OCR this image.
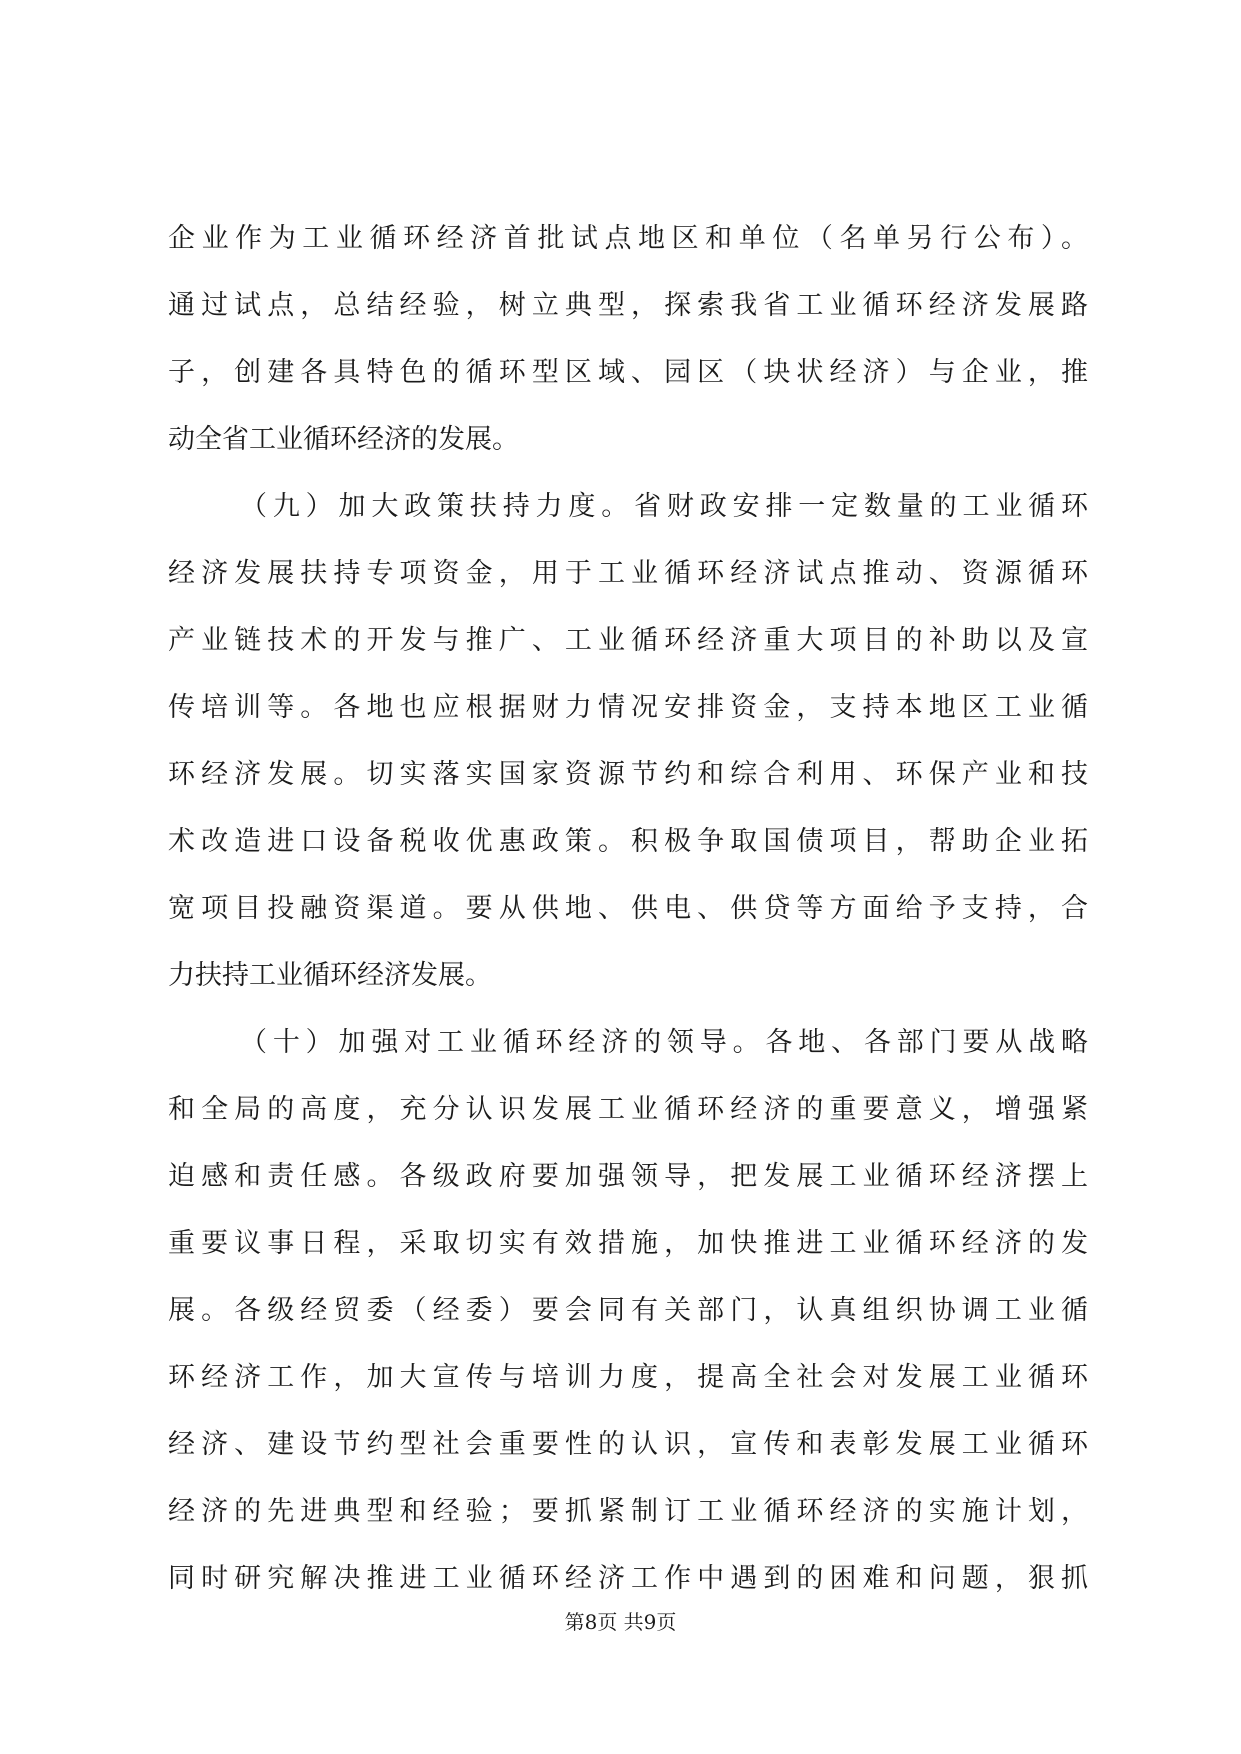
企业作为工业循环经济首批试点地区和单位（名单另行公布）。
通过试点，总结经验，树立典型，探索我省工业循环经济发展路
子，创建各具特色的循环型区域、园区（块状经济）与企业，推
动全省工业循环经济的发展。
（九）加大政策扶持力度。省财政安排一定数量的工业循环
经济发展扶持专项资金，用于工业循环经济试点推动、资源循环
产业链技术的开发与推广、工业循环经济重大项目的补助以及宣
传培训等。各地也应根据财力情况安排资金，支持本地区工业循
环经济发展。切实落实国家资源节约和综合利用、环保产业和技
术改造进口设备税收优惠政策。积极争取国债项目，帮助企业拓
宽项目投融资渠道。要从供地、供电、供贷等方面给予支持，合
力扶持工业循环经济发展。
（十）加强对工业循环经济的领导。各地、各部门要从战略
和全局的高度，充分认识发展工业循环经济的重要意义，增强紧
迫感和责任感。各级政府要加强领导，把发展工业循环经济摆上
重要议事日程，采取切实有效措施，加快推进工业循环经济的发
展。各级经贸委（经委）要会同有关部门，认真组织协调工业循
环经济工作，加大宣传与培训力度，提高全社会对发展工业循环
经济、建设节约型社会重要性的认识，宣传和表彰发展工业循环
经济的先进典型和经验；要抓紧制订工业循环经济的实施计划，
同时研究解决推进工业循环经济工作中遇到的困难和问题，狠抓
第8页 共9页
